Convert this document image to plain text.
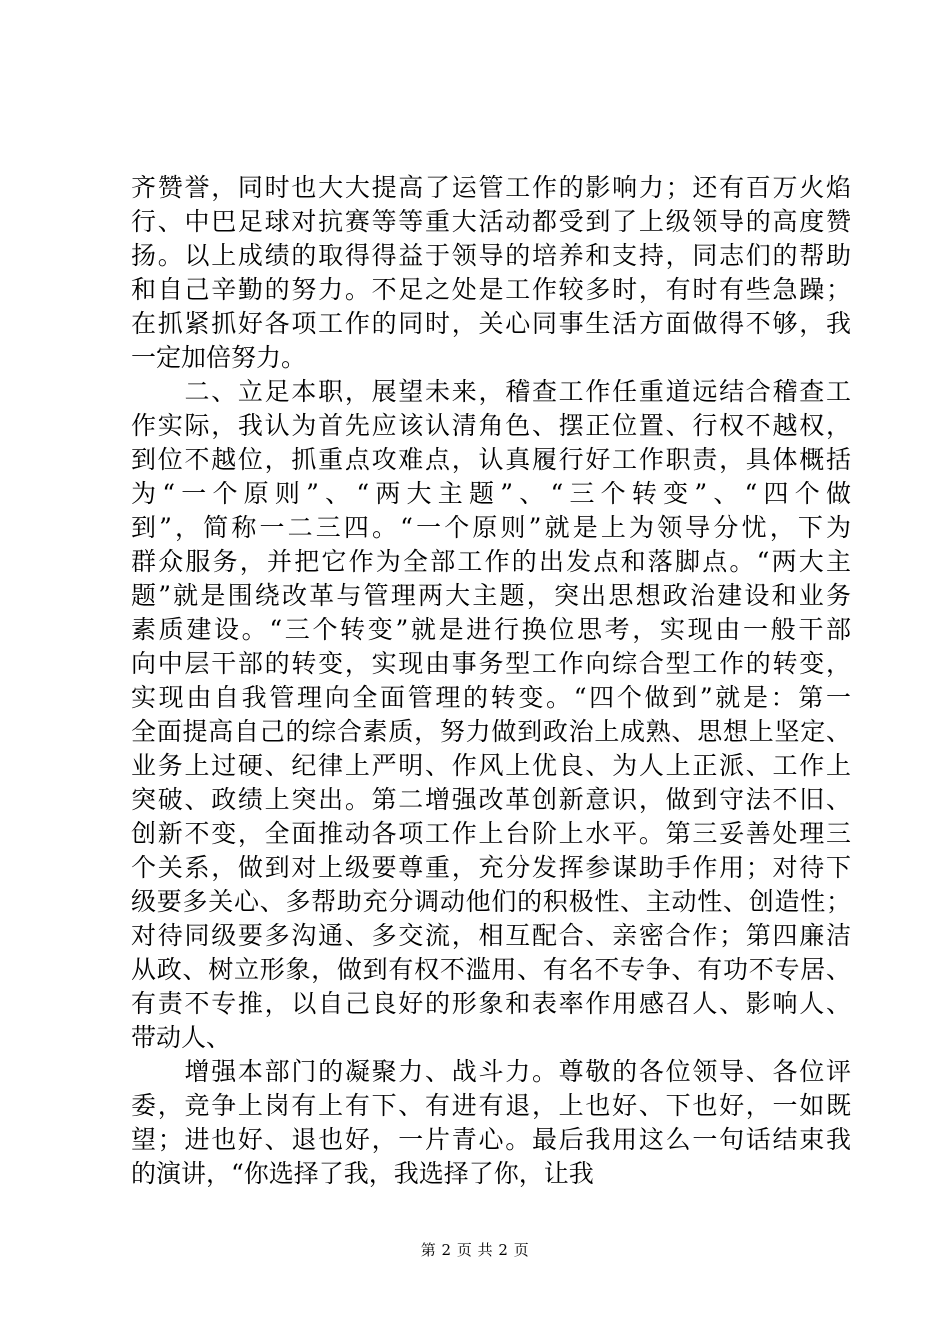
齐赞誉，同时也大大提高了运管工作的影响力；还有百万火焰
行、中巴足球对抗赛等等重大活动都受到了上级领导的高度赞
扬。以上成绩的取得得益于领导的培养和支持，同志们的帮助
和自己辛勤的努力。不足之处是工作较多时，有时有些急躁；
在抓紧抓好各项工作的同时，关心同事生活方面做得不够，我
一定加倍努力。
　　二、立足本职，展望未来，稽查工作任重道远结合稽查工
作实际，我认为首先应该认清角色、摆正位置、行权不越权，
到位不越位，抓重点攻难点，认真履行好工作职责，具体概括
为“一个原则”、“两大主题”、“三个转变”、“四个做
到”，简称一二三四。“一个原则”就是上为领导分忧，下为
群众服务，并把它作为全部工作的出发点和落脚点。“两大主
题”就是围绕改革与管理两大主题，突出思想政治建设和业务
素质建设。“三个转变”就是进行换位思考，实现由一般干部
向中层干部的转变，实现由事务型工作向综合型工作的转变，
实现由自我管理向全面管理的转变。“四个做到”就是：第一
全面提高自己的综合素质，努力做到政治上成熟、思想上坚定、
业务上过硬、纪律上严明、作风上优良、为人上正派、工作上
突破、政绩上突出。第二增强改革创新意识，做到守法不旧、
创新不变，全面推动各项工作上台阶上水平。第三妥善处理三
个关系，做到对上级要尊重，充分发挥参谋助手作用；对待下
级要多关心、多帮助充分调动他们的积极性、主动性、创造性；
对待同级要多沟通、多交流，相互配合、亲密合作；第四廉洁
从政、树立形象，做到有权不滥用、有名不专争、有功不专居、
有责不专推，以自己良好的形象和表率作用感召人、影响人、
带动人、
　　增强本部门的凝聚力、战斗力。尊敬的各位领导、各位评
委，竞争上岗有上有下、有进有退，上也好、下也好，一如既
望；进也好、退也好，一片青心。最后我用这么一句话结束我
的演讲，“你选择了我，我选择了你，让我
第 2 页 共 2 页
